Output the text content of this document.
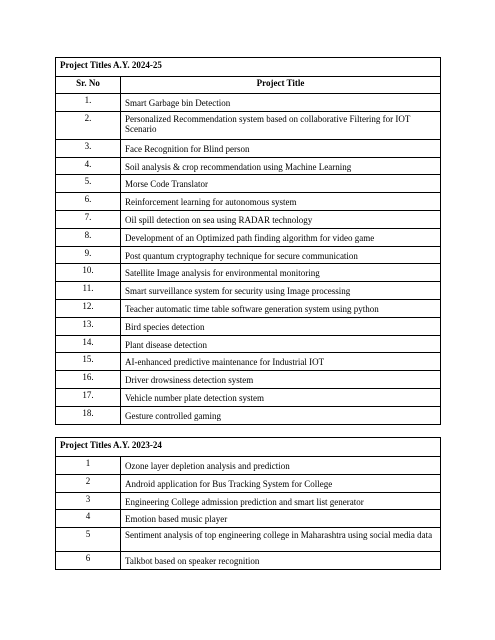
Project Titles A.Y. 2024-25	
Sr. No	Project Title
1.	Smart Garbage bin Detection
2.	Personalized Recommendation system based on collaborative Filtering for IOT Scenario
3.	Face Recognition for Blind person
4.	Soil analysis & crop recommendation using Machine Learning
5.	Morse Code Translator
6.	Reinforcement learning for autonomous system
7.	Oil spill detection on sea using RADAR technology
8.	Development of an Optimized path finding algorithm for video game
9.	Post quantum cryptography technique for secure communication
10.	Satellite Image analysis for environmental monitoring
11.	Smart surveillance system for security using Image processing
12.	Teacher automatic time table software generation system using python
13.	Bird species detection
14.	Plant disease detection
15.	AI-enhanced predictive maintenance for Industrial IOT
16.	Driver drowsiness detection system
17.	Vehicle number plate detection system
18.	Gesture controlled gaming
Project Titles A.Y. 2023-24	
1	Ozone layer depletion analysis and prediction
2	Android application for Bus Tracking System for College
3	Engineering College admission prediction and smart list generator
4	Emotion based music player
5	Sentiment analysis of top engineering college in Maharashtra using social media data
6	Talkbot based on speaker recognition
